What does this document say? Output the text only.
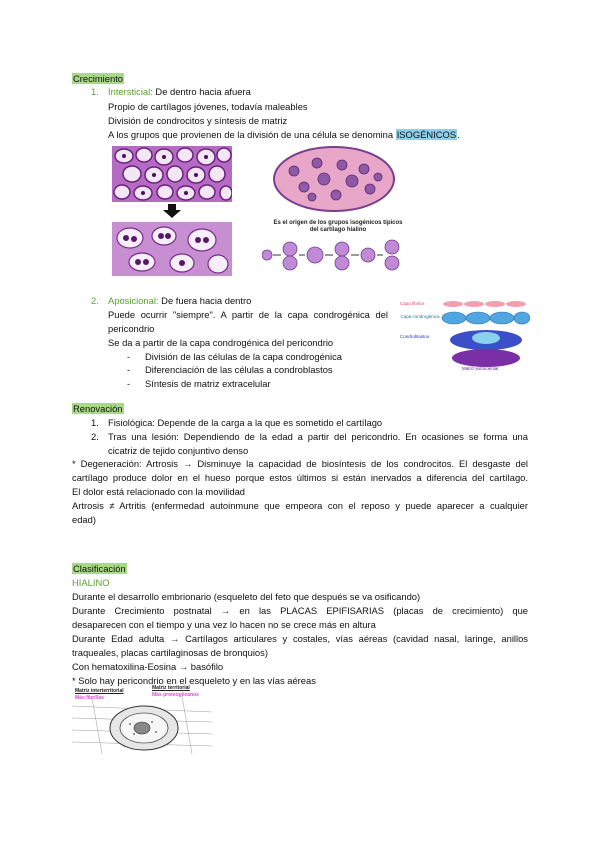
Crecimiento
1. Intersticial: De dentro hacia afuera
Propio de cartílagos jóvenes, todavía maleables
División de condrocitos y síntesis de matriz
A los grupos que provienen de la división de una célula se denomina ISOGÉNICOS.
Es el origen de los grupos isogénicos típicos del cartílago hialino
2. Aposicional: De fuera hacia dentro
Puede ocurrir "siempre". A partir de la capa condrogénica del
pericondrio
Se da a partir de la capa condrogénica del pericondrio
- División de las células de la capa condrogénica
- Diferenciación de las células a condroblastos
- Síntesis de matriz extracelular
Capa fibrilar
Capa condrogénica
Condroblastos
Matriz extracelular
Renovación
1. Fisiológica: Depende de la carga a la que es sometido el cartílago
2. Tras una lesión: Dependiendo de la edad a partir del pericondrio. En ocasiones se forma una
cicatriz de tejido conjuntivo denso
* Degeneración: Artrosis → Disminuye la capacidad de biosíntesis de los condrocitos. El desgaste del
cartílago produce dolor en el hueso porque estos últimos si están inervados a diferencia del cartílago.
El dolor está relacionado con la movilidad
Artrosis ≠ Artritis (enfermedad autoinmune que empeora con el reposo y puede aparecer a cualquier
edad)
Clasificación
HIALINO
Durante el desarrollo embrionario (esqueleto del feto que después se va osificando)
Durante Crecimiento postnatal → en las PLACAS EPIFISARIAS (placas de crecimiento) que
desaparecen con el tiempo y una vez lo hacen no se crece más en altura
Durante Edad adulta → Cartílagos articulares y costales, vías aéreas (cavidad nasal, laringe, anillos
traqueales, placas cartilaginosas de bronquios)
Con hematoxilina-Eosina → basófilo
* Solo hay pericondrio en el esqueleto y en las vías aéreas
Matriz interterritorial
Más fibrillas
Matriz territorial
Más proteoglicanos
